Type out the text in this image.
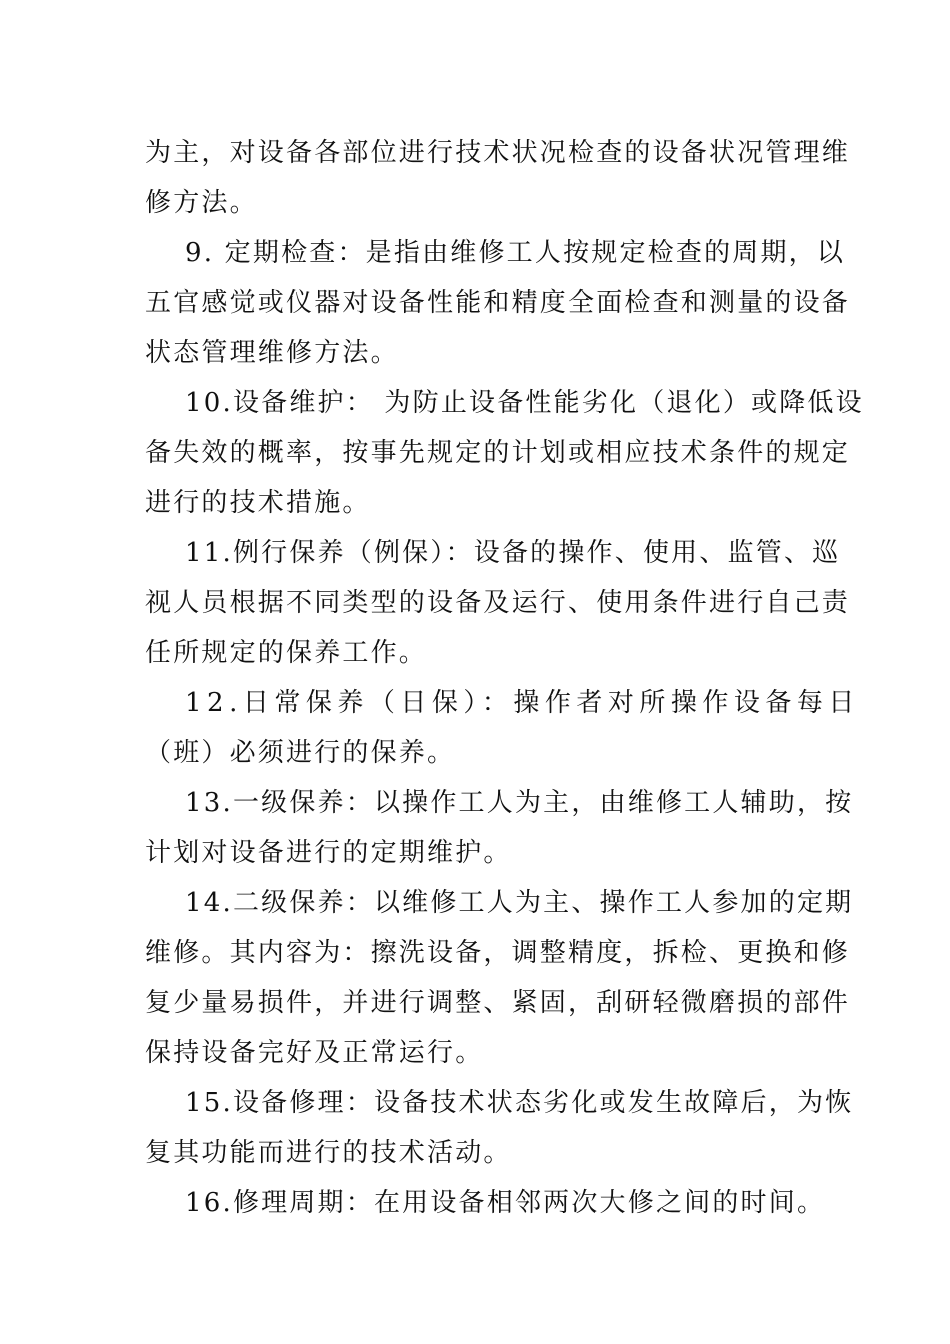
为主，对设备各部位进行技术状况检查的设备状况管理维
修方法。
9. 定期检查：是指由维修工人按规定检查的周期，以
五官感觉或仪器对设备性能和精度全面检查和测量的设备
状态管理维修方法。
10.设备维护： 为防止设备性能劣化（退化）或降低设
备失效的概率，按事先规定的计划或相应技术条件的规定
进行的技术措施。
11.例行保养（例保）：设备的操作、使用、监管、巡
视人员根据不同类型的设备及运行、使用条件进行自己责
任所规定的保养工作。
12.日常保养（日保）：操作者对所操作设备每日
（班）必须进行的保养。
13.一级保养：以操作工人为主，由维修工人辅助，按
计划对设备进行的定期维护。
14.二级保养：以维修工人为主、操作工人参加的定期
维修。其内容为：擦洗设备，调整精度，拆检、更换和修
复少量易损件，并进行调整、紧固，刮研轻微磨损的部件
保持设备完好及正常运行。
15.设备修理：设备技术状态劣化或发生故障后，为恢
复其功能而进行的技术活动。
16.修理周期：在用设备相邻两次大修之间的时间。
